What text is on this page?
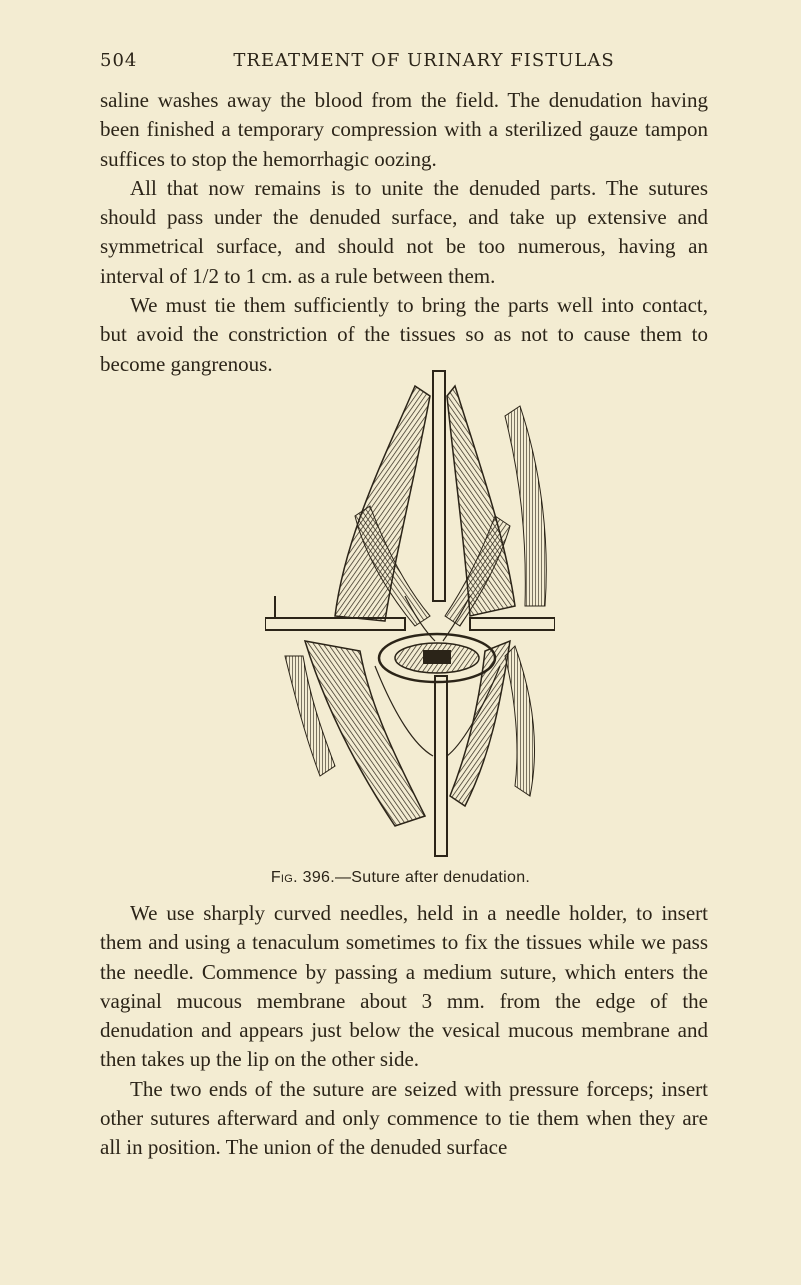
504	TREATMENT OF URINARY FISTULAS

saline washes away the blood from the field. The denudation having been finished a temporary compression with a sterilized gauze tampon suffices to stop the hemorrhagic oozing.

All that now remains is to unite the denuded parts. The sutures should pass under the denuded surface, and take up extensive and symmetrical surface, and should not be too numerous, having an interval of 1/2 to 1 cm. as a rule between them.

We must tie them sufficiently to bring the parts well into contact, but avoid the constriction of the tissues so as not to cause them to become gangrenous.

Fig. 396.—Suture after denudation.

We use sharply curved needles, held in a needle holder, to insert them and using a tenaculum sometimes to fix the tissues while we pass the needle. Commence by passing a medium suture, which enters the vaginal mucous membrane about 3 mm. from the edge of the denudation and appears just below the vesical mucous membrane and then takes up the lip on the other side.

The two ends of the suture are seized with pressure forceps; insert other sutures afterward and only commence to tie them when they are all in position. The union of the denuded surface
